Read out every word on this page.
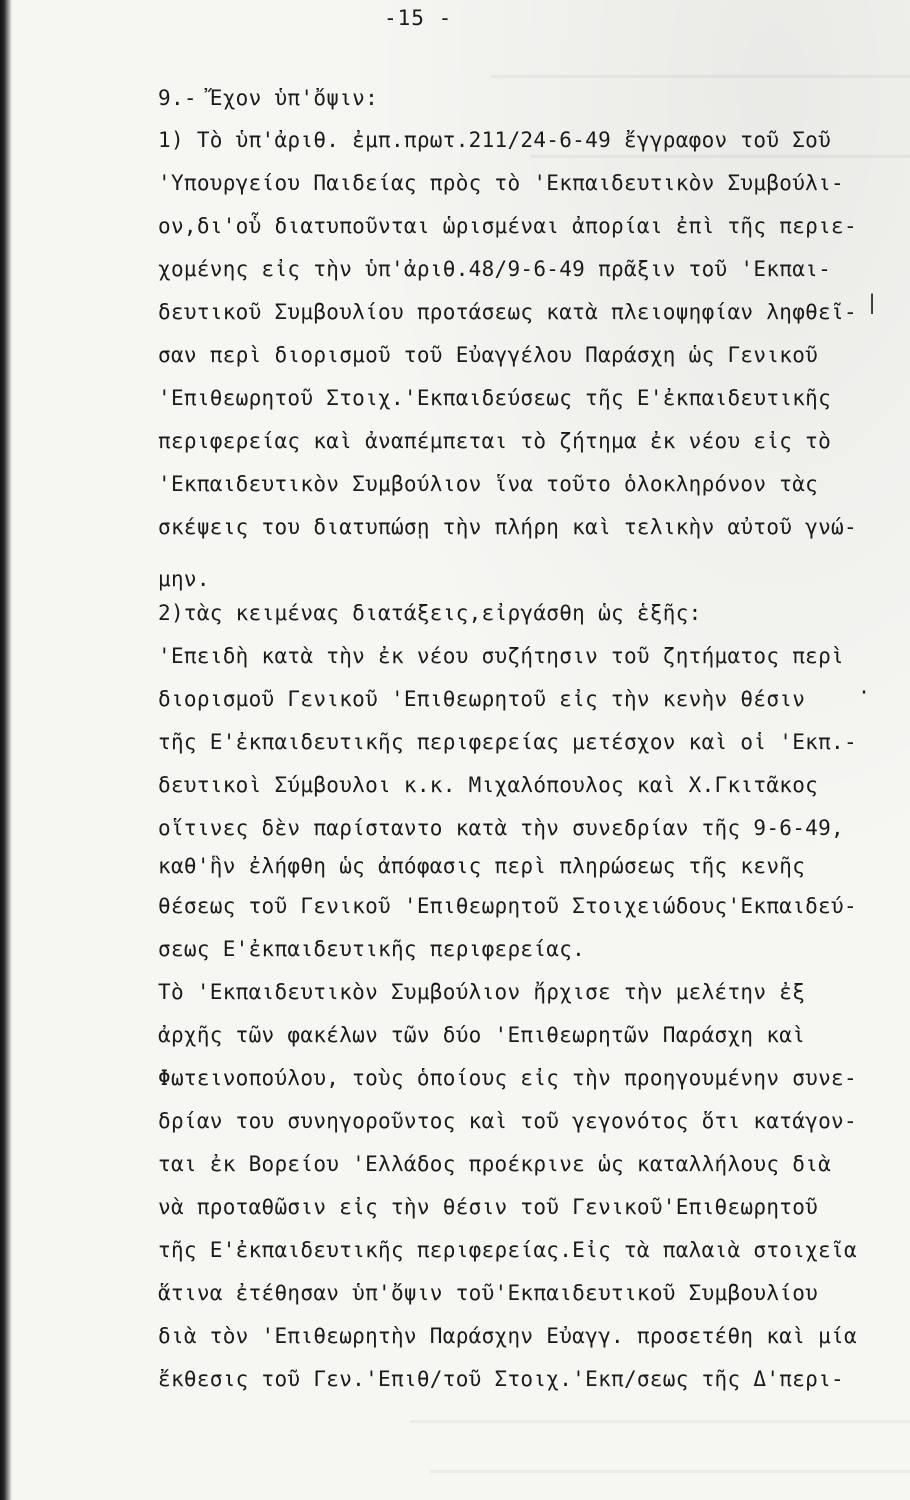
-15 -
9.- Ἔχον ὑπ'ὄψιν:
1) Τὸ ὑπ'ἀριθ. ἐμπ.πρωτ.211/24-6-49 ἔγγραφον τοῦ Σοῦ
'Υπουργείου Παιδείας πρὸς τὸ 'Εκπαιδευτικὸν Συμβούλι-
ον,δι'οὗ διατυποῦνται ὡρισμέναι ἀπορίαι ἐπὶ τῆς περιε-
χομένης εἰς τὴν ὑπ'ἀριθ.48/9-6-49 πρᾶξιν τοῦ 'Εκπαι-
δευτικοῦ Συμβουλίου προτάσεως κατὰ πλειοψηφίαν ληφθεῖ-
σαν περὶ διορισμοῦ τοῦ Εὐαγγέλου Παράσχη ὡς Γενικοῦ
'Επιθεωρητοῦ Στοιχ.'Εκπαιδεύσεως τῆς Ε'ἐκπαιδευτικῆς
περιφερείας καὶ ἀναπέμπεται τὸ ζήτημα ἐκ νέου εἰς τὸ
'Εκπαιδευτικὸν Συμβούλιον ἵνα τοῦτο ὁλοκληρόνον τὰς
σκέψεις του διατυπώσῃ τὴν πλήρη καὶ τελικὴν αὐτοῦ γνώ-
μην.
2)τὰς κειμένας διατάξεις,εἰργάσθη ὡς ἑξῆς:
'Επειδὴ κατὰ τὴν ἐκ νέου συζήτησιν τοῦ ζητήματος περὶ
διορισμοῦ Γενικοῦ 'Επιθεωρητοῦ εἰς τὴν κενὴν θέσιν
τῆς Ε'ἐκπαιδευτικῆς περιφερείας μετέσχον καὶ οἱ 'Εκπ.-
δευτικοὶ Σύμβουλοι κ.κ. Μιχαλόπουλος καὶ Χ.Γκιτᾶκος
οἵτινες δὲν παρίσταντο κατὰ τὴν συνεδρίαν τῆς 9-6-49,
καθ'ἣν ἐλήφθη ὡς ἀπόφασις περὶ πληρώσεως τῆς κενῆς
θέσεως τοῦ Γενικοῦ 'Επιθεωρητοῦ Στοιχειώδους'Εκπαιδεύ-
σεως Ε'ἐκπαιδευτικῆς περιφερείας.
Τὸ 'Εκπαιδευτικὸν Συμβούλιον ἤρχισε τὴν μελέτην ἐξ
ἀρχῆς τῶν φακέλων τῶν δύο 'Επιθεωρητῶν Παράσχη καὶ
Φωτεινοπούλου, τοὺς ὁποίους εἰς τὴν προηγουμένην συνε-
δρίαν του συνηγοροῦντος καὶ τοῦ γεγονότος ὅτι κατάγον-
ται ἐκ Βορείου 'Ελλάδος προέκρινε ὡς καταλλήλους διὰ
νὰ προταθῶσιν εἰς τὴν θέσιν τοῦ Γενικοῦ'Επιθεωρητοῦ
τῆς Ε'ἐκπαιδευτικῆς περιφερείας.Εἰς τὰ παλαιὰ στοιχεῖα
ἅτινα ἐτέθησαν ὑπ'ὄψιν τοῦ'Εκπαιδευτικοῦ Συμβουλίου
διὰ τὸν 'Επιθεωρητὴν Παράσχην Εὐαγγ. προσετέθη καὶ μία
ἔκθεσις τοῦ Γεν.'Επιθ/τοῦ Στοιχ.'Εκπ/σεως τῆς Δ'περι-
|
·
